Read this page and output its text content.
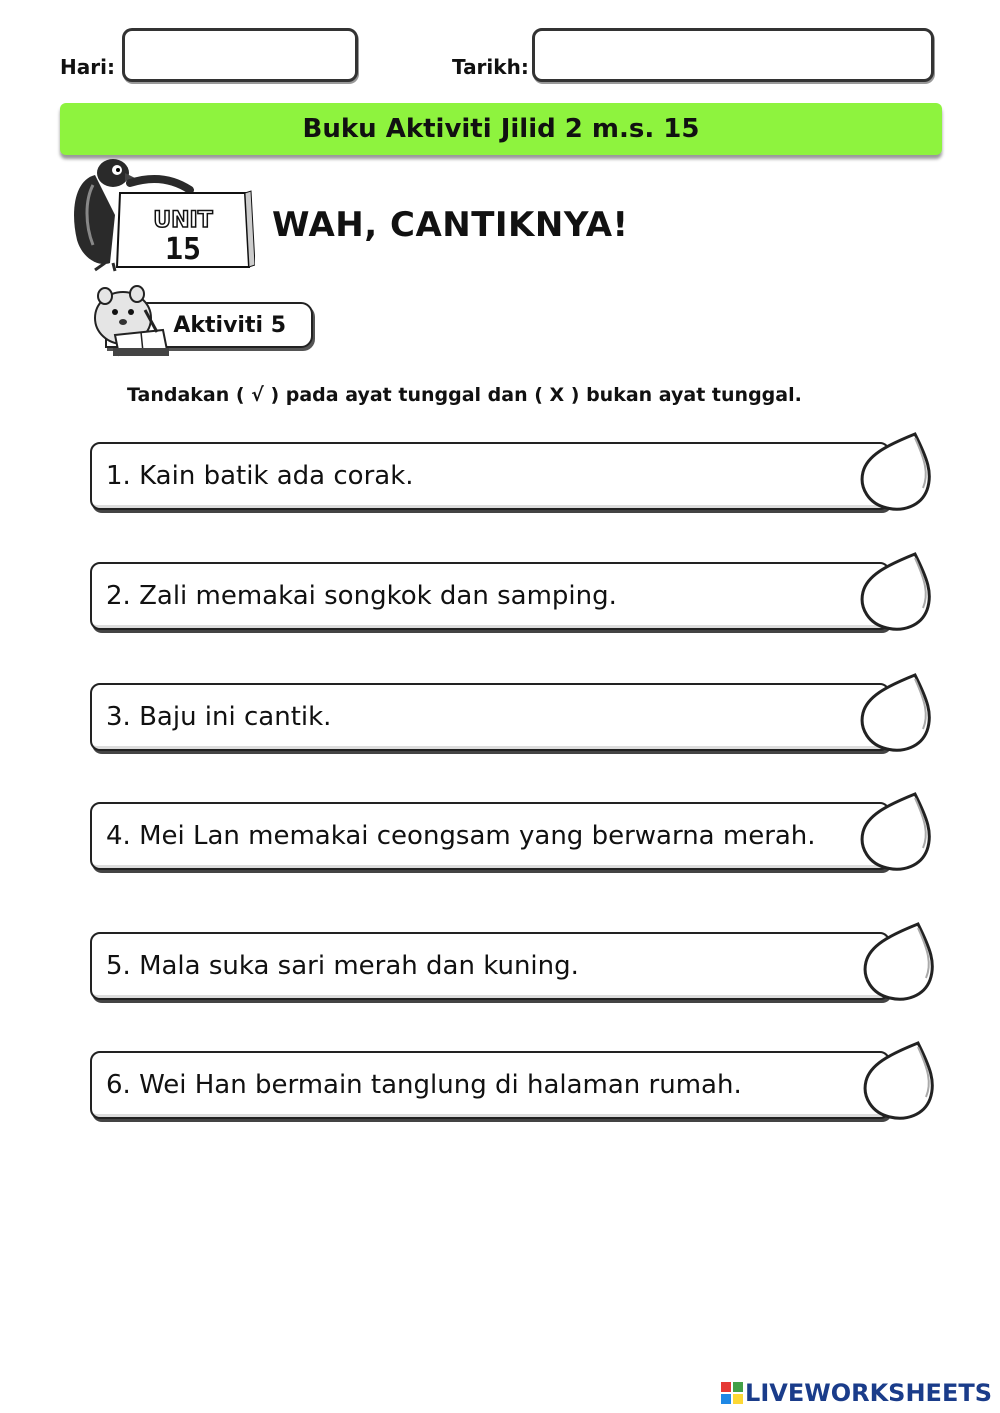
Hari:	Tarikh:
Buku Aktiviti Jilid 2 m.s. 15
UNIT
15
WAH, CANTIKNYA!
Aktiviti 5
Tandakan ( √ ) pada ayat tunggal dan ( X ) bukan ayat tunggal.
1. Kain batik ada corak.
2. Zali memakai songkok dan samping.
3. Baju ini cantik.
4. Mei Lan memakai ceongsam yang berwarna merah.
5. Mala suka sari merah dan kuning.
6. Wei Han bermain tanglung di halaman rumah.
LIVEWORKSHEETS
